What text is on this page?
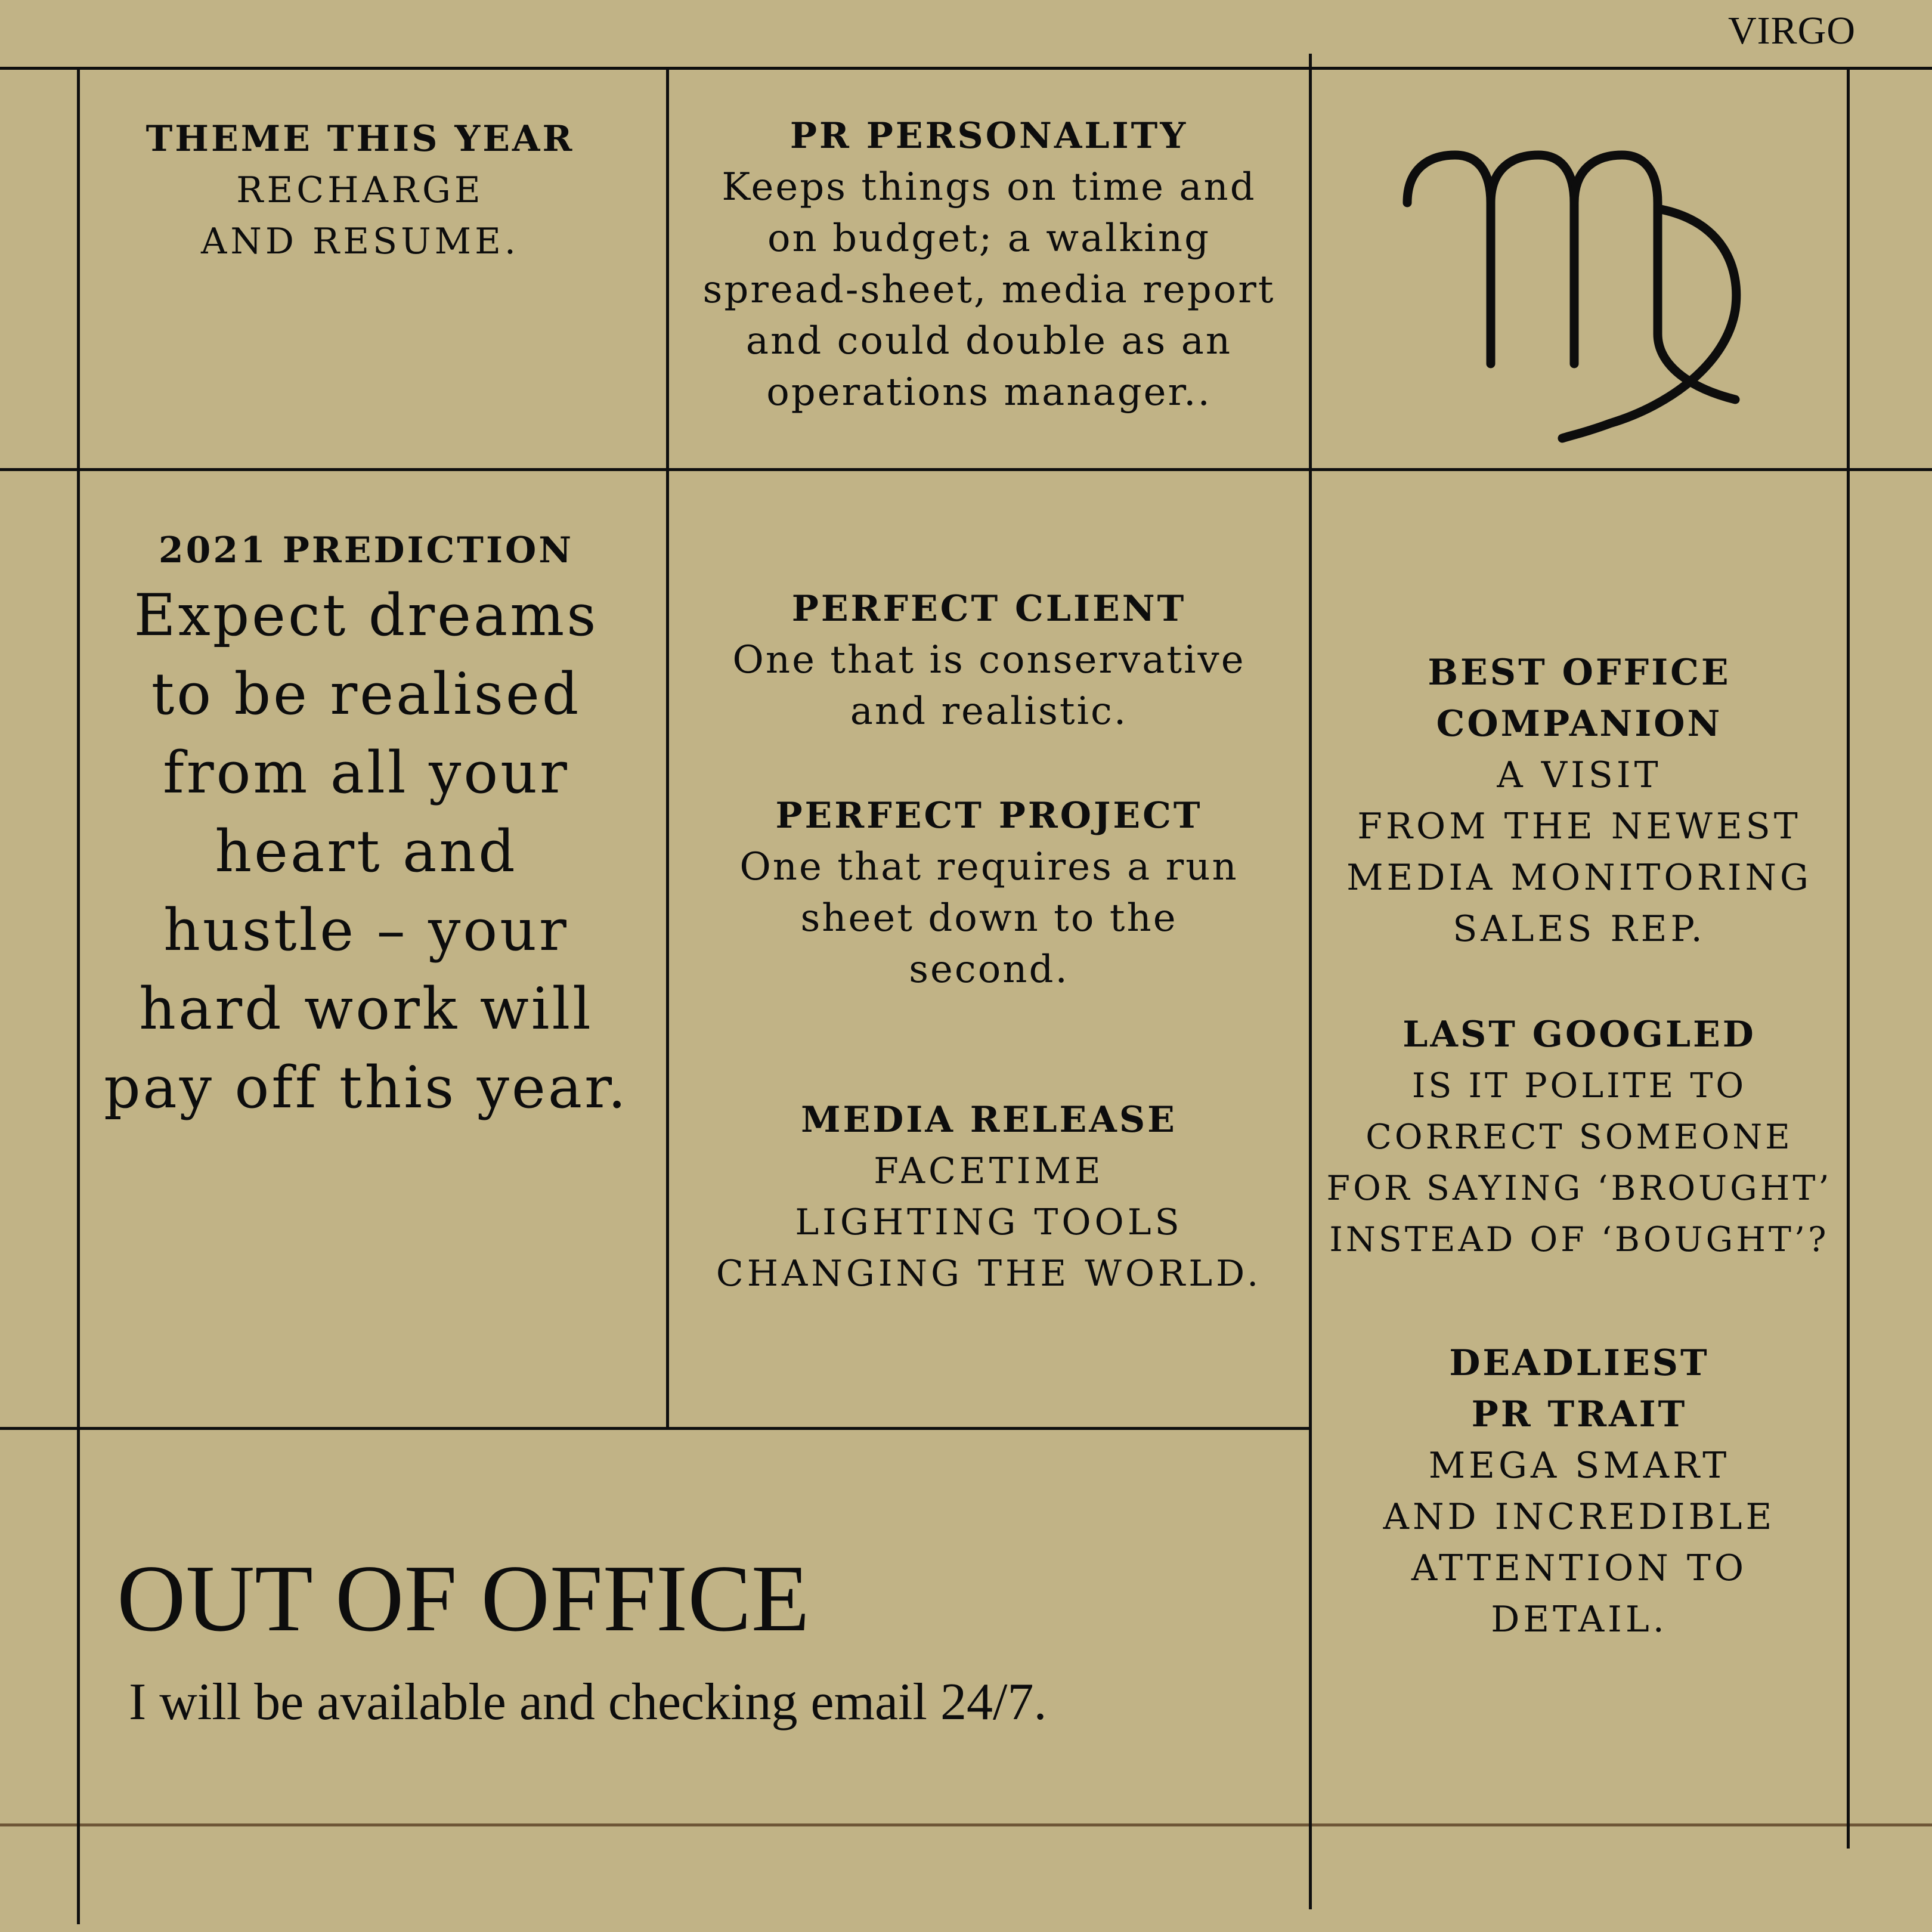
VIRGO
THEME THIS YEAR
RECHARGE
AND RESUME.
PR PERSONALITY
Keeps things on time and
on budget; a walking
spread-sheet, media report
and could double as an
operations manager..
2021 PREDICTION
Expect dreams
to be realised
from all your
heart and
hustle – your
hard work will
pay off this year.
PERFECT CLIENT
One that is conservative
and realistic.
PERFECT PROJECT
One that requires a run
sheet down to the
second.
MEDIA RELEASE
FACETIME
LIGHTING TOOLS
CHANGING THE WORLD.
BEST OFFICE
COMPANION
A VISIT
FROM THE NEWEST
MEDIA MONITORING
SALES REP.
LAST GOOGLED
IS IT POLITE TO
CORRECT SOMEONE
FOR SAYING ‘BROUGHT’
INSTEAD OF ‘BOUGHT’?
DEADLIEST
PR TRAIT
MEGA SMART
AND INCREDIBLE
ATTENTION TO
DETAIL.
OUT OF OFFICE
I will be available and checking email 24/7.
